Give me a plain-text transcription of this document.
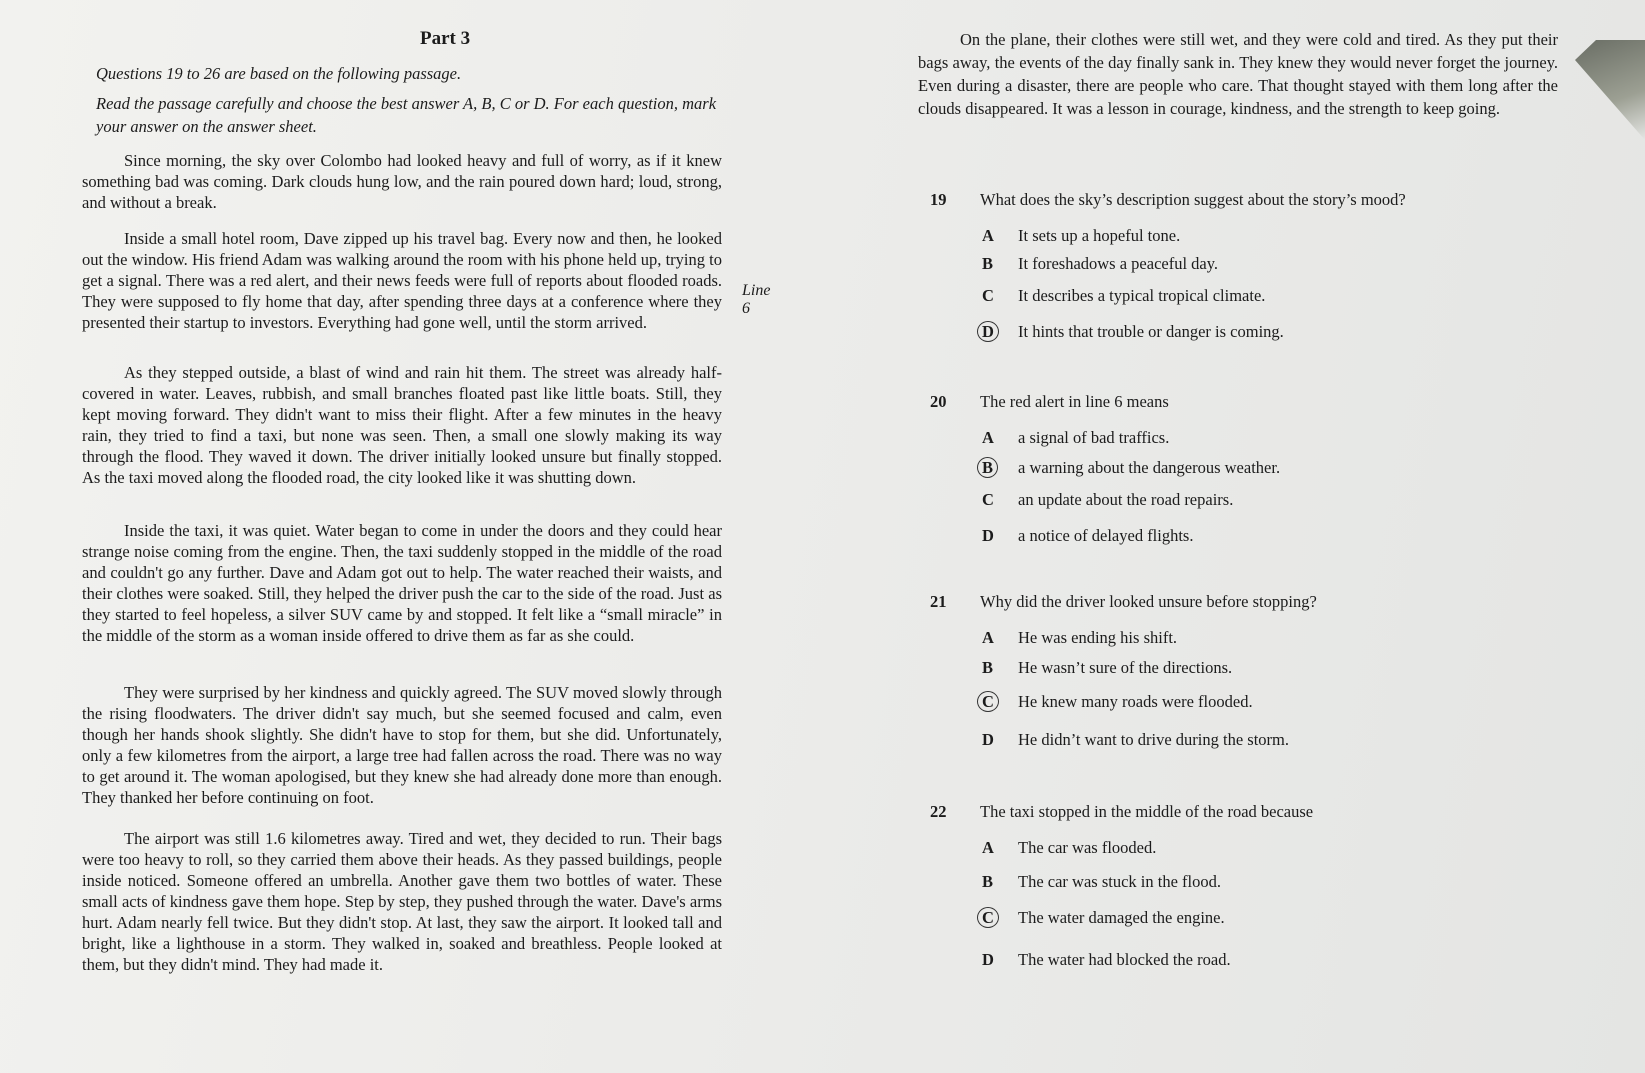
Part 3

Questions 19 to 26 are based on the following passage.

Read the passage carefully and choose the best answer A, B, C or D. For each question, mark your answer on the answer sheet.

Since morning, the sky over Colombo had looked heavy and full of worry, as if it knew something bad was coming. Dark clouds hung low, and the rain poured down hard; loud, strong, and without a break.

Inside a small hotel room, Dave zipped up his travel bag. Every now and then, he looked out the window. His friend Adam was walking around the room with his phone held up, trying to get a signal. There was a red alert, and their news feeds were full of reports about flooded roads. They were supposed to fly home that day, after spending three days at a conference where they presented their startup to investors. Everything had gone well, until the storm arrived.

As they stepped outside, a blast of wind and rain hit them. The street was already half-covered in water. Leaves, rubbish, and small branches floated past like little boats. Still, they kept moving forward. They didn't want to miss their flight. After a few minutes in the heavy rain, they tried to find a taxi, but none was seen. Then, a small one slowly making its way through the flood. They waved it down. The driver initially looked unsure but finally stopped. As the taxi moved along the flooded road, the city looked like it was shutting down.

Inside the taxi, it was quiet. Water began to come in under the doors and they could hear strange noise coming from the engine. Then, the taxi suddenly stopped in the middle of the road and couldn't go any further. Dave and Adam got out to help. The water reached their waists, and their clothes were soaked. Still, they helped the driver push the car to the side of the road. Just as they started to feel hopeless, a silver SUV came by and stopped. It felt like a “small miracle” in the middle of the storm as a woman inside offered to drive them as far as she could.

They were surprised by her kindness and quickly agreed. The SUV moved slowly through the rising floodwaters. The driver didn't say much, but she seemed focused and calm, even though her hands shook slightly. She didn't have to stop for them, but she did. Unfortunately, only a few kilometres from the airport, a large tree had fallen across the road. There was no way to get around it. The woman apologised, but they knew she had already done more than enough. They thanked her before continuing on foot.

The airport was still 1.6 kilometres away. Tired and wet, they decided to run. Their bags were too heavy to roll, so they carried them above their heads. As they passed buildings, people inside noticed. Someone offered an umbrella. Another gave them two bottles of water. These small acts of kindness gave them hope. Step by step, they pushed through the water. Dave's arms hurt. Adam nearly fell twice. But they didn't stop. At last, they saw the airport. It looked tall and bright, like a lighthouse in a storm. They walked in, soaked and breathless. People looked at them, but they didn't mind. They had made it.

Line 6

On the plane, their clothes were still wet, and they were cold and tired. As they put their bags away, the events of the day finally sank in. They knew they would never forget the journey. Even during a disaster, there are people who care. That thought stayed with them long after the clouds disappeared. It was a lesson in courage, kindness, and the strength to keep going.

19 What does the sky’s description suggest about the story’s mood?
A It sets up a hopeful tone.
B It foreshadows a peaceful day.
C It describes a typical tropical climate.
D It hints that trouble or danger is coming.
20 The red alert in line 6 means
A a signal of bad traffics.
B a warning about the dangerous weather.
C an update about the road repairs.
D a notice of delayed flights.
21 Why did the driver looked unsure before stopping?
A He was ending his shift.
B He wasn’t sure of the directions.
C He knew many roads were flooded.
D He didn’t want to drive during the storm.
22 The taxi stopped in the middle of the road because
A The car was flooded.
B The car was stuck in the flood.
C The water damaged the engine.
D The water had blocked the road.
